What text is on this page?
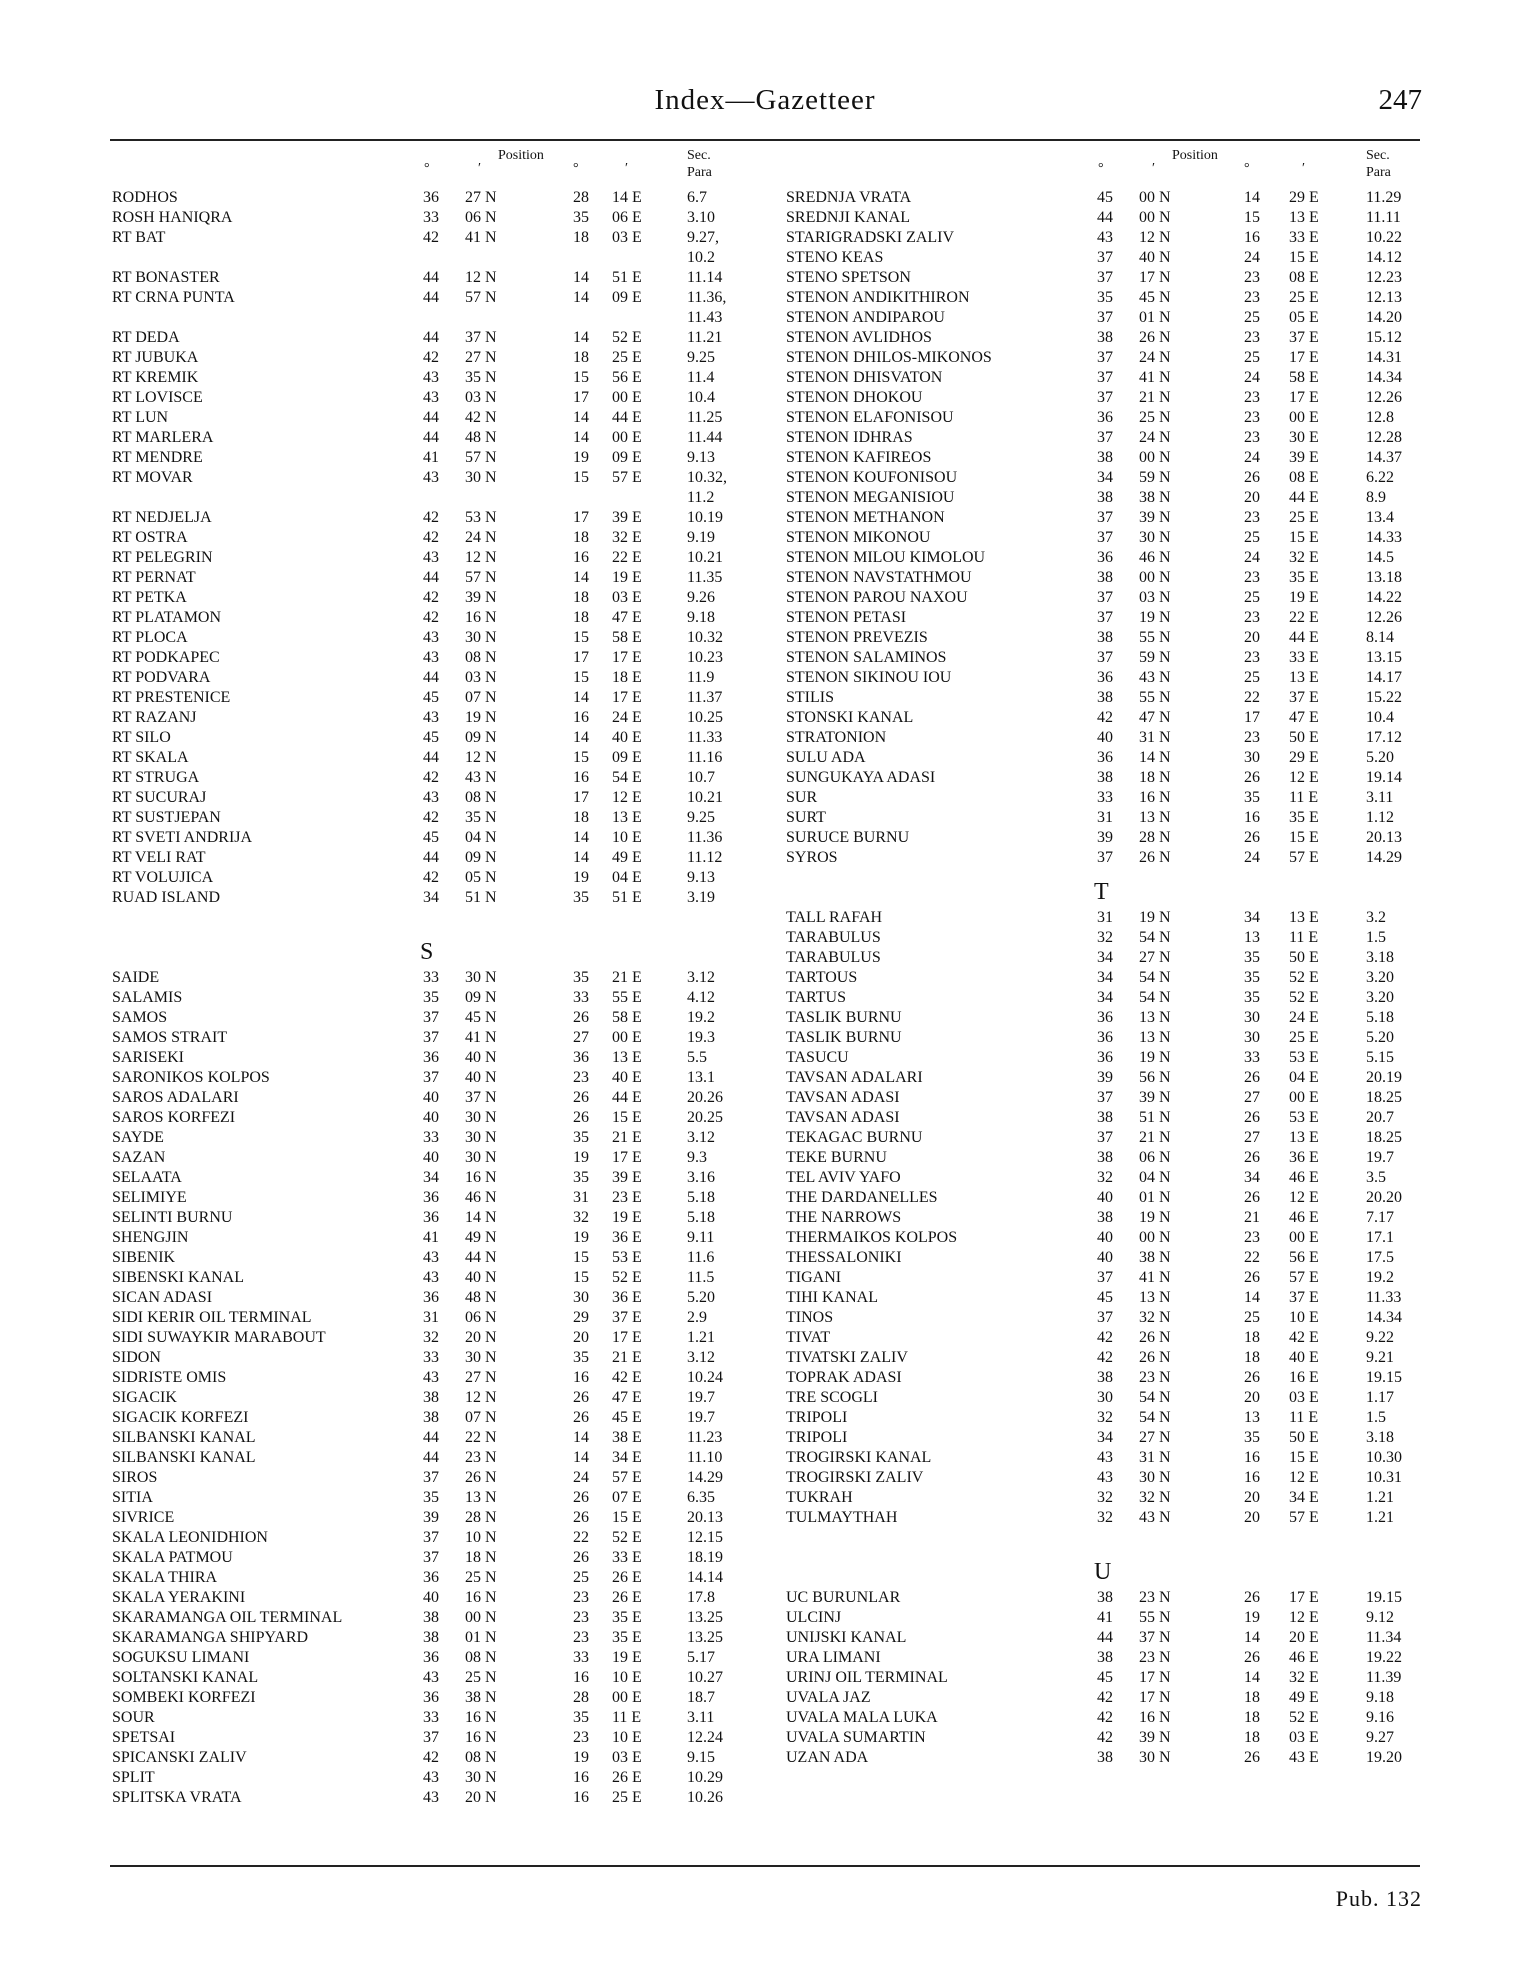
Index—Gazetteer	247
Position
°	′	°	′
Sec.
Para
RODHOS	36 27 N	28 14 E	6.7
ROSH HANIQRA	33 06 N	35 06 E	3.10
RT BAT	42 41 N	18 03 E	9.27,
10.2
RT BONASTER	44 12 N	14 51 E	11.14
RT CRNA PUNTA	44 57 N	14 09 E	11.36,
11.43
RT DEDA	44 37 N	14 52 E	11.21
RT JUBUKA	42 27 N	18 25 E	9.25
RT KREMIK	43 35 N	15 56 E	11.4
RT LOVISCE	43 03 N	17 00 E	10.4
RT LUN	44 42 N	14 44 E	11.25
RT MARLERA	44 48 N	14 00 E	11.44
RT MENDRE	41 57 N	19 09 E	9.13
RT MOVAR	43 30 N	15 57 E	10.32,
11.2
RT NEDJELJA	42 53 N	17 39 E	10.19
RT OSTRA	42 24 N	18 32 E	9.19
RT PELEGRIN	43 12 N	16 22 E	10.21
RT PERNAT	44 57 N	14 19 E	11.35
RT PETKA	42 39 N	18 03 E	9.26
RT PLATAMON	42 16 N	18 47 E	9.18
RT PLOCA	43 30 N	15 58 E	10.32
RT PODKAPEC	43 08 N	17 17 E	10.23
RT PODVARA	44 03 N	15 18 E	11.9
RT PRESTENICE	45 07 N	14 17 E	11.37
RT RAZANJ	43 19 N	16 24 E	10.25
RT SILO	45 09 N	14 40 E	11.33
RT SKALA	44 12 N	15 09 E	11.16
RT STRUGA	42 43 N	16 54 E	10.7
RT SUCURAJ	43 08 N	17 12 E	10.21
RT SUSTJEPAN	42 35 N	18 13 E	9.25
RT SVETI ANDRIJA	45 04 N	14 10 E	11.36
RT VELI RAT	44 09 N	14 49 E	11.12
RT VOLUJICA	42 05 N	19 04 E	9.13
RUAD ISLAND	34 51 N	35 51 E	3.19
S
SAIDE	33 30 N	35 21 E	3.12
SALAMIS	35 09 N	33 55 E	4.12
SAMOS	37 45 N	26 58 E	19.2
SAMOS STRAIT	37 41 N	27 00 E	19.3
SARISEKI	36 40 N	36 13 E	5.5
SARONIKOS KOLPOS	37 40 N	23 40 E	13.1
SAROS ADALARI	40 37 N	26 44 E	20.26
SAROS KORFEZI	40 30 N	26 15 E	20.25
SAYDE	33 30 N	35 21 E	3.12
SAZAN	40 30 N	19 17 E	9.3
SELAATA	34 16 N	35 39 E	3.16
SELIMIYE	36 46 N	31 23 E	5.18
SELINTI BURNU	36 14 N	32 19 E	5.18
SHENGJIN	41 49 N	19 36 E	9.11
SIBENIK	43 44 N	15 53 E	11.6
SIBENSKI KANAL	43 40 N	15 52 E	11.5
SICAN ADASI	36 48 N	30 36 E	5.20
SIDI KERIR OIL TERMINAL	31 06 N	29 37 E	2.9
SIDI SUWAYKIR MARABOUT	32 20 N	20 17 E	1.21
SIDON	33 30 N	35 21 E	3.12
SIDRISTE OMIS	43 27 N	16 42 E	10.24
SIGACIK	38 12 N	26 47 E	19.7
SIGACIK KORFEZI	38 07 N	26 45 E	19.7
SILBANSKI KANAL	44 22 N	14 38 E	11.23
SILBANSKI KANAL	44 23 N	14 34 E	11.10
SIROS	37 26 N	24 57 E	14.29
SITIA	35 13 N	26 07 E	6.35
SIVRICE	39 28 N	26 15 E	20.13
SKALA LEONIDHION	37 10 N	22 52 E	12.15
SKALA PATMOU	37 18 N	26 33 E	18.19
SKALA THIRA	36 25 N	25 26 E	14.14
SKALA YERAKINI	40 16 N	23 26 E	17.8
SKARAMANGA OIL TERMINAL	38 00 N	23 35 E	13.25
SKARAMANGA SHIPYARD	38 01 N	23 35 E	13.25
SOGUKSU LIMANI	36 08 N	33 19 E	5.17
SOLTANSKI KANAL	43 25 N	16 10 E	10.27
SOMBEKI KORFEZI	36 38 N	28 00 E	18.7
SOUR	33 16 N	35 11 E	3.11
SPETSAI	37 16 N	23 10 E	12.24
SPICANSKI ZALIV	42 08 N	19 03 E	9.15
SPLIT	43 30 N	16 26 E	10.29
SPLITSKA VRATA	43 20 N	16 25 E	10.26
Position
°	′	°	′
Sec.
Para
SREDNJA VRATA	45 00 N	14 29 E	11.29
SREDNJI KANAL	44 00 N	15 13 E	11.11
STARIGRADSKI ZALIV	43 12 N	16 33 E	10.22
STENO KEAS	37 40 N	24 15 E	14.12
STENO SPETSON	37 17 N	23 08 E	12.23
STENON ANDIKITHIRON	35 45 N	23 25 E	12.13
STENON ANDIPAROU	37 01 N	25 05 E	14.20
STENON AVLIDHOS	38 26 N	23 37 E	15.12
STENON DHILOS-MIKONOS	37 24 N	25 17 E	14.31
STENON DHISVATON	37 41 N	24 58 E	14.34
STENON DHOKOU	37 21 N	23 17 E	12.26
STENON ELAFONISOU	36 25 N	23 00 E	12.8
STENON IDHRAS	37 24 N	23 30 E	12.28
STENON KAFIREOS	38 00 N	24 39 E	14.37
STENON KOUFONISOU	34 59 N	26 08 E	6.22
STENON MEGANISIOU	38 38 N	20 44 E	8.9
STENON METHANON	37 39 N	23 25 E	13.4
STENON MIKONOU	37 30 N	25 15 E	14.33
STENON MILOU KIMOLOU	36 46 N	24 32 E	14.5
STENON NAVSTATHMOU	38 00 N	23 35 E	13.18
STENON PAROU NAXOU	37 03 N	25 19 E	14.22
STENON PETASI	37 19 N	23 22 E	12.26
STENON PREVEZIS	38 55 N	20 44 E	8.14
STENON SALAMINOS	37 59 N	23 33 E	13.15
STENON SIKINOU IOU	36 43 N	25 13 E	14.17
STILIS	38 55 N	22 37 E	15.22
STONSKI KANAL	42 47 N	17 47 E	10.4
STRATONION	40 31 N	23 50 E	17.12
SULU ADA	36 14 N	30 29 E	5.20
SUNGUKAYA ADASI	38 18 N	26 12 E	19.14
SUR	33 16 N	35 11 E	3.11
SURT	31 13 N	16 35 E	1.12
SURUCE BURNU	39 28 N	26 15 E	20.13
SYROS	37 26 N	24 57 E	14.29
T
TALL RAFAH	31 19 N	34 13 E	3.2
TARABULUS	32 54 N	13 11 E	1.5
TARABULUS	34 27 N	35 50 E	3.18
TARTOUS	34 54 N	35 52 E	3.20
TARTUS	34 54 N	35 52 E	3.20
TASLIK BURNU	36 13 N	30 24 E	5.18
TASLIK BURNU	36 13 N	30 25 E	5.20
TASUCU	36 19 N	33 53 E	5.15
TAVSAN ADALARI	39 56 N	26 04 E	20.19
TAVSAN ADASI	37 39 N	27 00 E	18.25
TAVSAN ADASI	38 51 N	26 53 E	20.7
TEKAGAC BURNU	37 21 N	27 13 E	18.25
TEKE BURNU	38 06 N	26 36 E	19.7
TEL AVIV YAFO	32 04 N	34 46 E	3.5
THE DARDANELLES	40 01 N	26 12 E	20.20
THE NARROWS	38 19 N	21 46 E	7.17
THERMAIKOS KOLPOS	40 00 N	23 00 E	17.1
THESSALONIKI	40 38 N	22 56 E	17.5
TIGANI	37 41 N	26 57 E	19.2
TIHI KANAL	45 13 N	14 37 E	11.33
TINOS	37 32 N	25 10 E	14.34
TIVAT	42 26 N	18 42 E	9.22
TIVATSKI ZALIV	42 26 N	18 40 E	9.21
TOPRAK ADASI	38 23 N	26 16 E	19.15
TRE SCOGLI	30 54 N	20 03 E	1.17
TRIPOLI	32 54 N	13 11 E	1.5
TRIPOLI	34 27 N	35 50 E	3.18
TROGIRSKI KANAL	43 31 N	16 15 E	10.30
TROGIRSKI ZALIV	43 30 N	16 12 E	10.31
TUKRAH	32 32 N	20 34 E	1.21
TULMAYTHAH	32 43 N	20 57 E	1.21
U
UC BURUNLAR	38 23 N	26 17 E	19.15
ULCINJ	41 55 N	19 12 E	9.12
UNIJSKI KANAL	44 37 N	14 20 E	11.34
URA LIMANI	38 23 N	26 46 E	19.22
URINJ OIL TERMINAL	45 17 N	14 32 E	11.39
UVALA JAZ	42 17 N	18 49 E	9.18
UVALA MALA LUKA	42 16 N	18 52 E	9.16
UVALA SUMARTIN	42 39 N	18 03 E	9.27
UZAN ADA	38 30 N	26 43 E	19.20
Pub. 132
